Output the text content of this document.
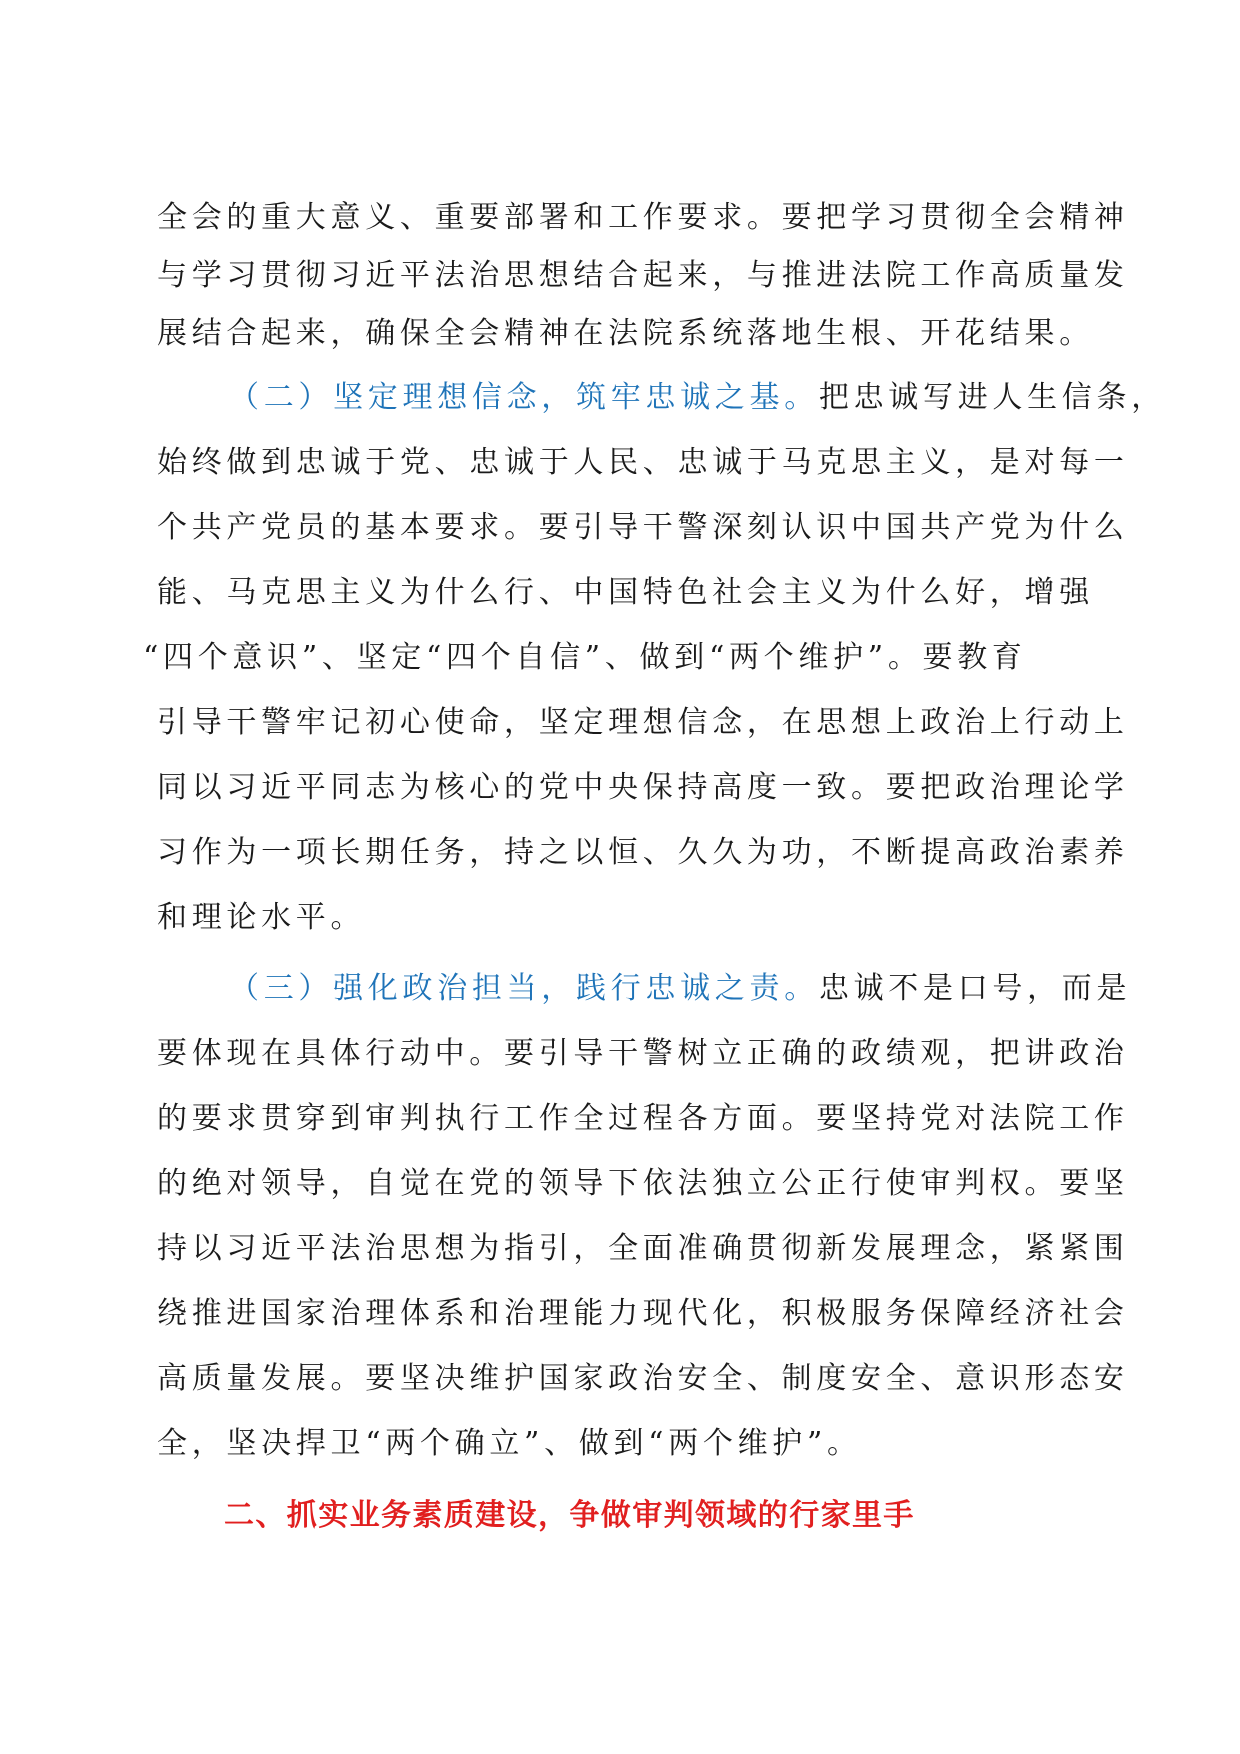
全会的重大意义、重要部署和工作要求。要把学习贯彻全会精神
与学习贯彻习近平法治思想结合起来，与推进法院工作高质量发
展结合起来，确保全会精神在法院系统落地生根、开花结果。
（二）坚定理想信念，筑牢忠诚之基。把忠诚写进人生信条，
始终做到忠诚于党、忠诚于人民、忠诚于马克思主义，是对每一
个共产党员的基本要求。要引导干警深刻认识中国共产党为什么
能、马克思主义为什么行、中国特色社会主义为什么好，增强
“四个意识”、坚定“四个自信”、做到“两个维护”。要教育
引导干警牢记初心使命，坚定理想信念，在思想上政治上行动上
同以习近平同志为核心的党中央保持高度一致。要把政治理论学
习作为一项长期任务，持之以恒、久久为功，不断提高政治素养
和理论水平。
（三）强化政治担当，践行忠诚之责。忠诚不是口号，而是
要体现在具体行动中。要引导干警树立正确的政绩观，把讲政治
的要求贯穿到审判执行工作全过程各方面。要坚持党对法院工作
的绝对领导，自觉在党的领导下依法独立公正行使审判权。要坚
持以习近平法治思想为指引，全面准确贯彻新发展理念，紧紧围
绕推进国家治理体系和治理能力现代化，积极服务保障经济社会
高质量发展。要坚决维护国家政治安全、制度安全、意识形态安
全，坚决捍卫“两个确立”、做到“两个维护”。
二、抓实业务素质建设，争做审判领域的行家里手
